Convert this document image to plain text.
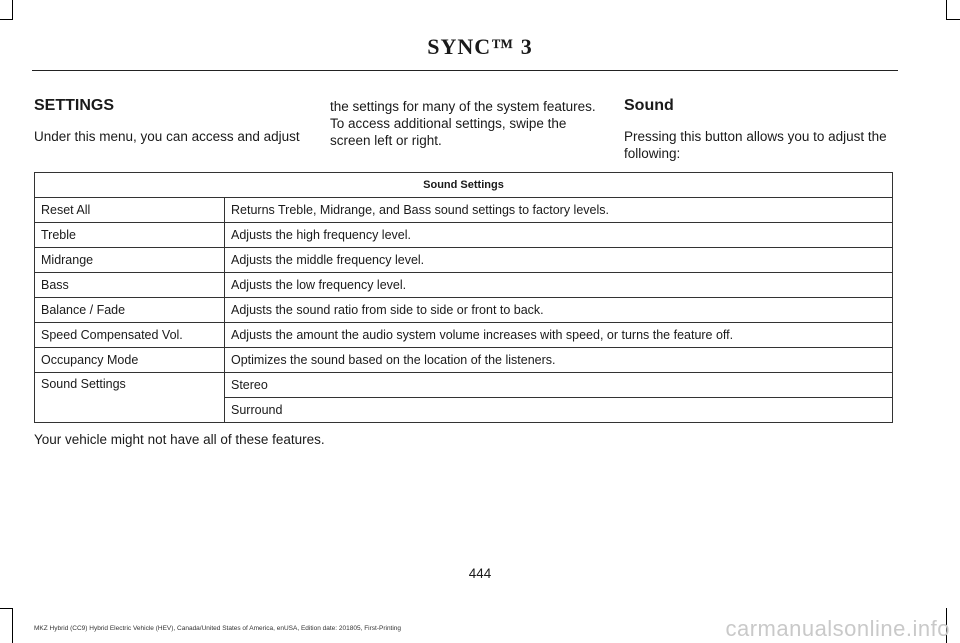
SYNC™ 3
SETTINGS

Under this menu, you can access and adjust

the settings for many of the system features. To access additional settings, swipe the screen left or right.

Sound

Pressing this button allows you to adjust the following:

Sound Settings	
Reset All	Returns Treble, Midrange, and Bass sound settings to factory levels.
Treble	Adjusts the high frequency level.
Midrange	Adjusts the middle frequency level.
Bass	Adjusts the low frequency level.
Balance / Fade	Adjusts the sound ratio from side to side or front to back.
Speed Compensated Vol.	Adjusts the amount the audio system volume increases with speed, or turns the feature off.
Occupancy Mode	Optimizes the sound based on the location of the listeners.
Sound Settings	Stereo
	Surround
Your vehicle might not have all of these features.
444
MKZ Hybrid (CC9) Hybrid Electric Vehicle (HEV), Canada/United States of America, enUSA, Edition date: 201805, First-Printing	carmanualsonline.info
